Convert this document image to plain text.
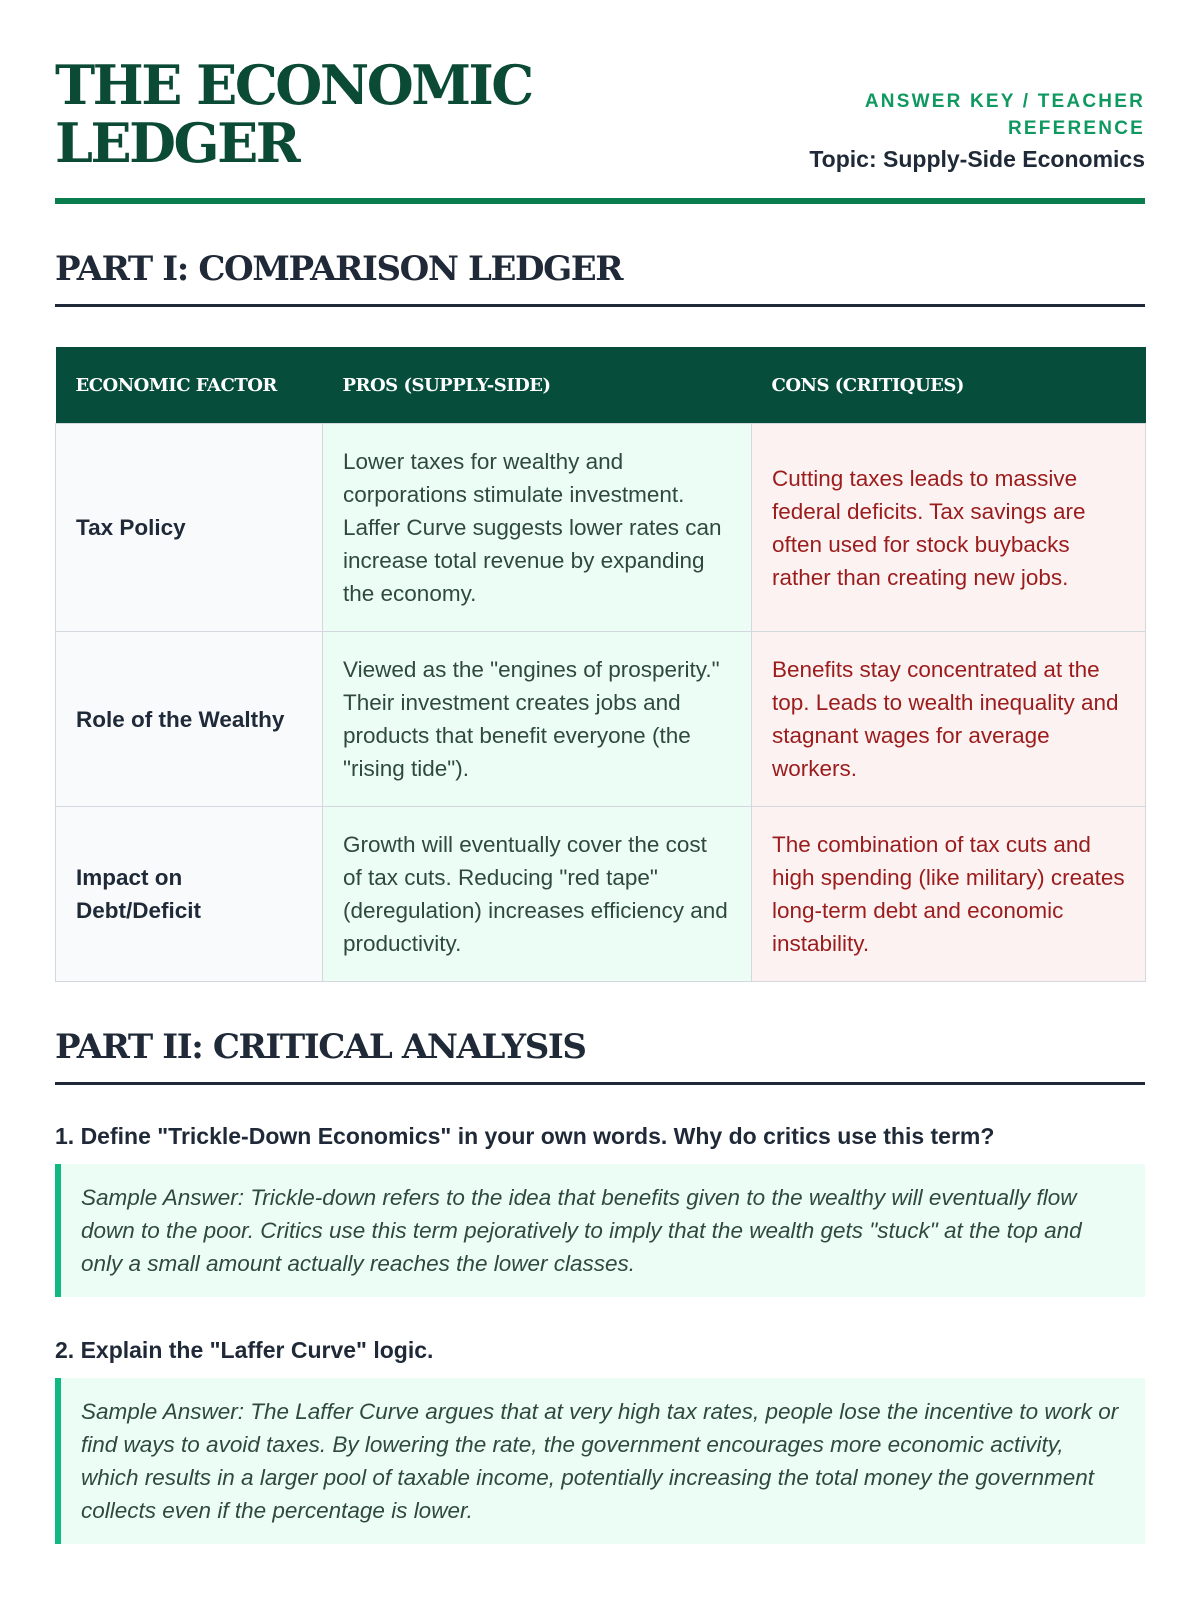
THE ECONOMIC LEDGER
ANSWER KEY / TEACHER REFERENCE
Topic: Supply-Side Economics
PART I: COMPARISON LEDGER
ECONOMIC FACTOR	PROS (SUPPLY-SIDE)	CONS (CRITIQUES)
Tax Policy	Lower taxes for wealthy and corporations stimulate investment. Laffer Curve suggests lower rates can increase total revenue by expanding the economy.	Cutting taxes leads to massive federal deficits. Tax savings are often used for stock buybacks rather than creating new jobs.
Role of the Wealthy	Viewed as the "engines of prosperity." Their investment creates jobs and products that benefit everyone (the "rising tide").	Benefits stay concentrated at the top. Leads to wealth inequality and stagnant wages for average workers.
Impact on Debt/Deficit	Growth will eventually cover the cost of tax cuts. Reducing "red tape" (deregulation) increases efficiency and productivity.	The combination of tax cuts and high spending (like military) creates long-term debt and economic instability.
PART II: CRITICAL ANALYSIS
1. Define "Trickle-Down Economics" in your own words. Why do critics use this term?
Sample Answer: Trickle-down refers to the idea that benefits given to the wealthy will eventually flow down to the poor. Critics use this term pejoratively to imply that the wealth gets "stuck" at the top and only a small amount actually reaches the lower classes.
2. Explain the "Laffer Curve" logic.
Sample Answer: The Laffer Curve argues that at very high tax rates, people lose the incentive to work or find ways to avoid taxes. By lowering the rate, the government encourages more economic activity, which results in a larger pool of taxable income, potentially increasing the total money the government collects even if the percentage is lower.
